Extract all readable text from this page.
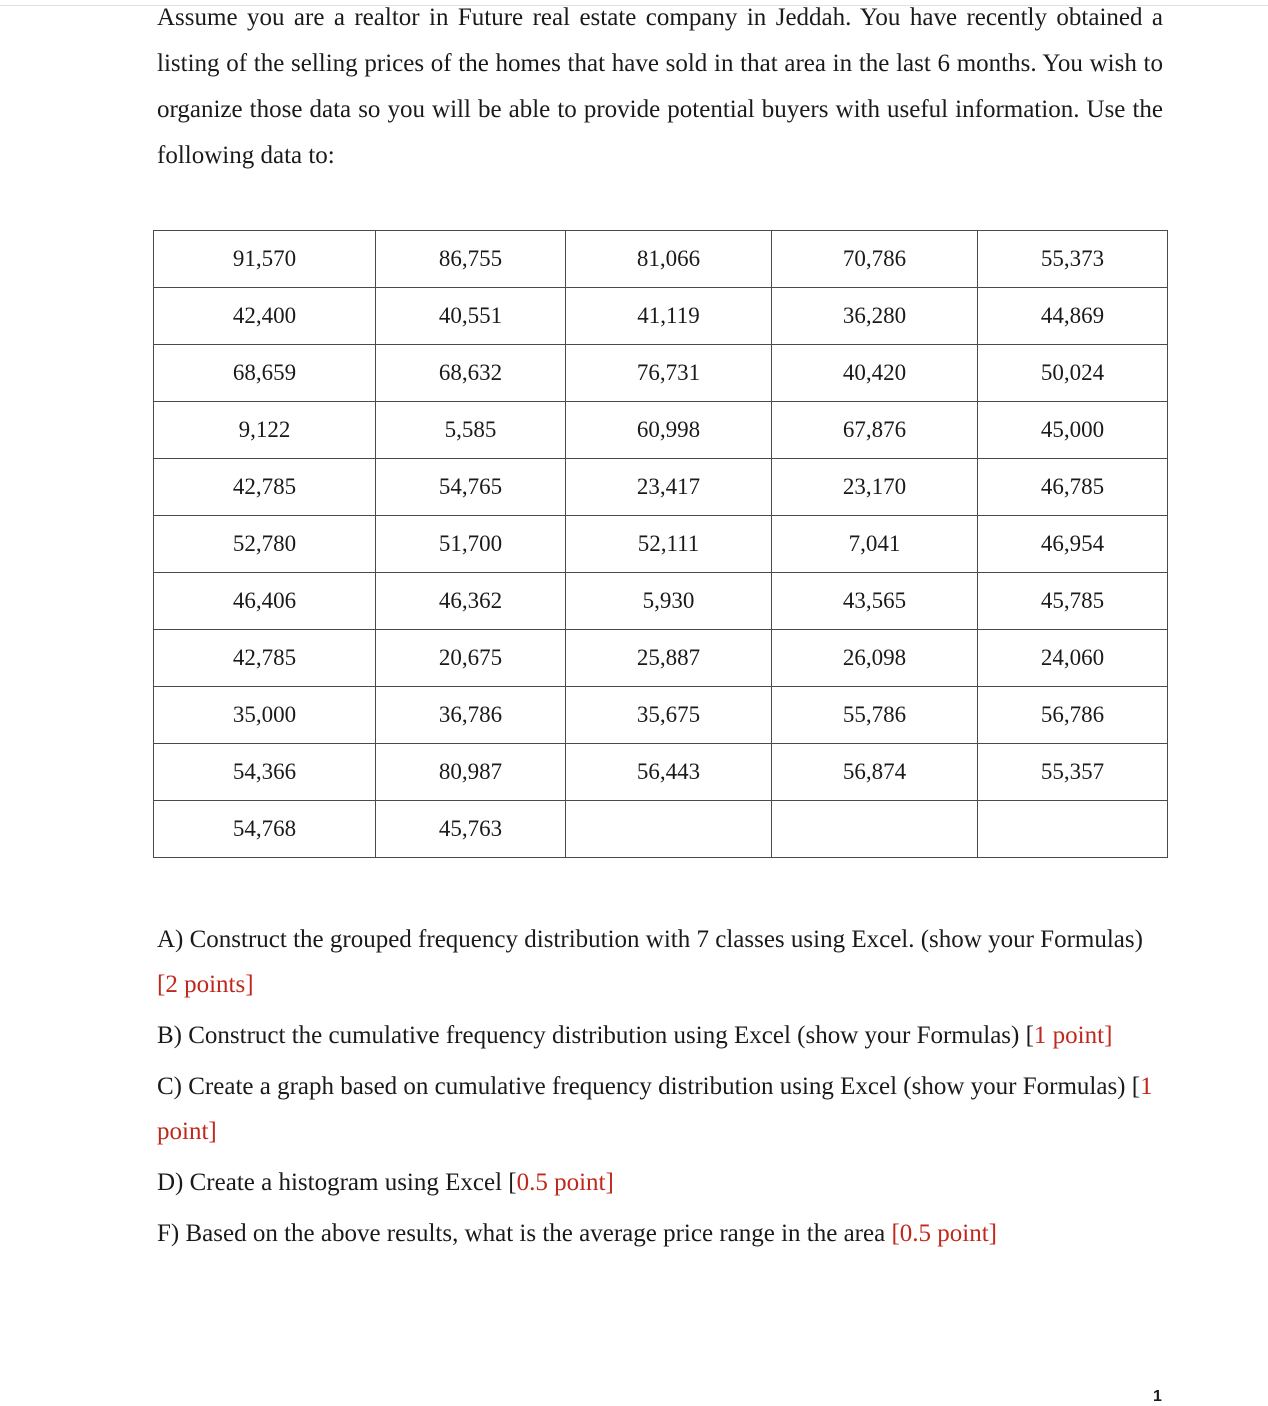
Assume you are a realtor in Future real estate company in Jeddah. You have recently obtained a listing of the selling prices of the homes that have sold in that area in the last 6 months. You wish to organize those data so you will be able to provide potential buyers with useful information. Use the following data to:

91,570	86,755	81,066	70,786	55,373
42,400	40,551	41,119	36,280	44,869
68,659	68,632	76,731	40,420	50,024
9,122	5,585	60,998	67,876	45,000
42,785	54,765	23,417	23,170	46,785
52,780	51,700	52,111	7,041	46,954
46,406	46,362	5,930	43,565	45,785
42,785	20,675	25,887	26,098	24,060
35,000	36,786	35,675	55,786	56,786
54,366	80,987	56,443	56,874	55,357
54,768	45,763			

A) Construct the grouped frequency distribution with 7 classes using Excel. (show your Formulas) [2 points]

B) Construct the cumulative frequency distribution using Excel (show your Formulas) [1 point]

C) Create a graph based on cumulative frequency distribution using Excel (show your Formulas) [1 point]

D) Create a histogram using Excel [0.5 point]

F) Based on the above results, what is the average price range in the area [0.5 point]

1
